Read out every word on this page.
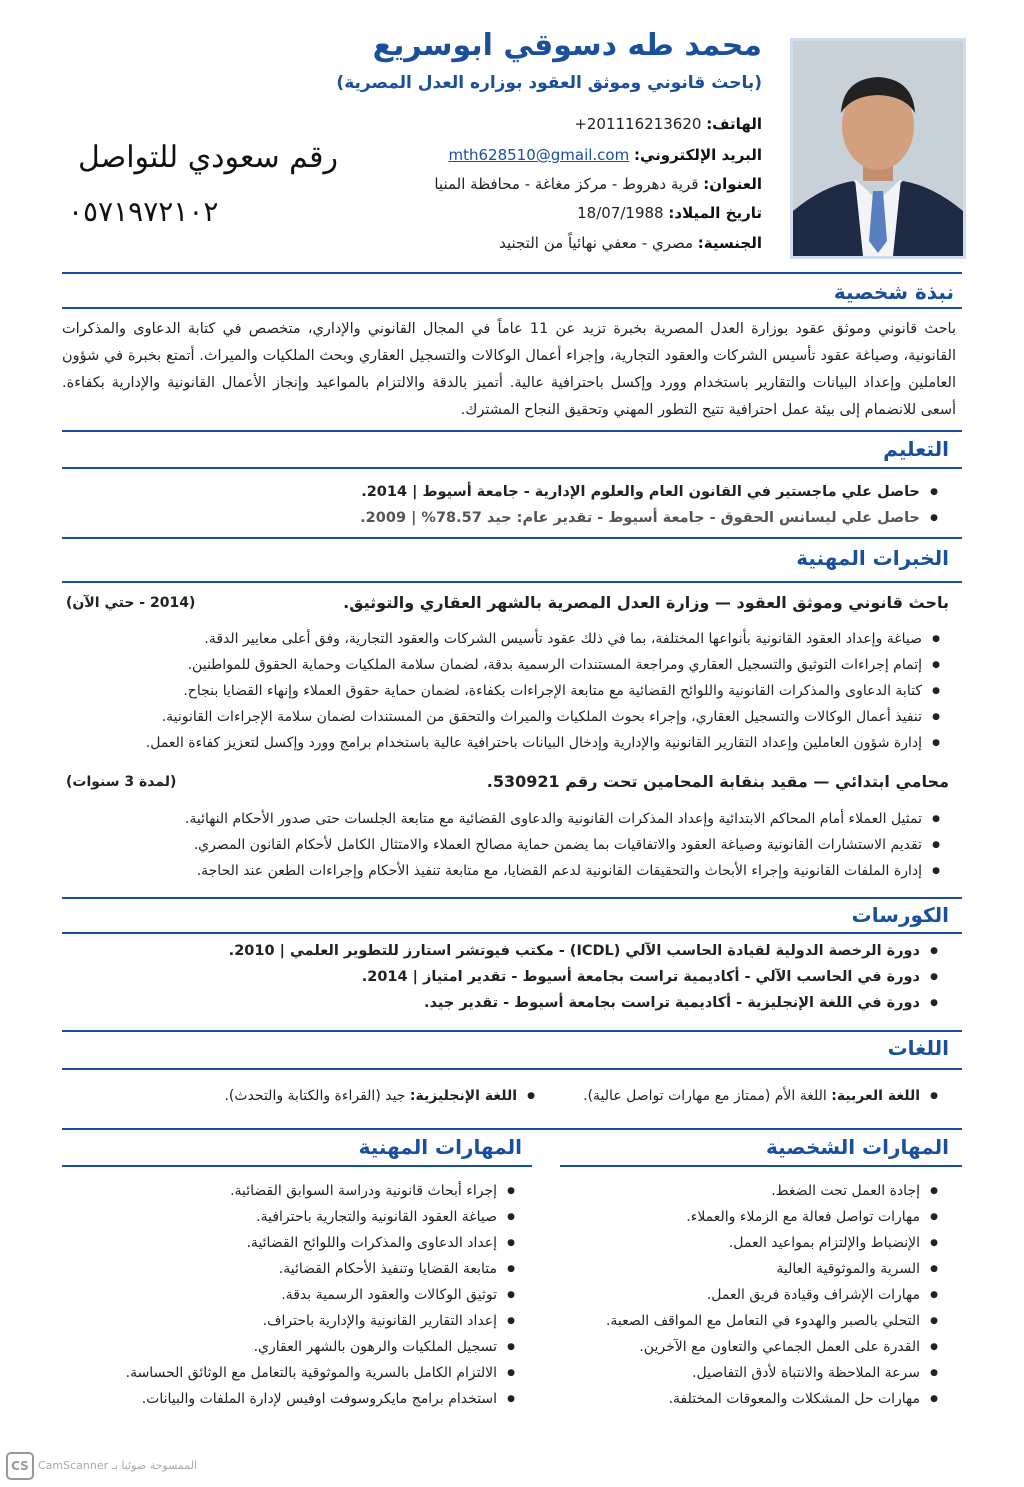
محمد طه دسوقي ابوسريع
(باحث قانوني وموثق العقود بوزاره العدل المصرية)
الهاتف: +201116213620
البريد الإلكتروني: mth628510@gmail.com
العنوان: قرية دهروط - مركز مغاغة - محافظة المنيا
تاريخ الميلاد: 18/07/1988
الجنسية: مصري - معفي نهائياً من التجنيد
رقم سعودي للتواصل
٠٥٧١٩٧٢١٠٢
نبذة شخصية
باحث قانوني وموثق عقود بوزارة العدل المصرية بخبرة تزيد عن 11 عاماً في المجال القانوني والإداري، متخصص في كتابة الدعاوى والمذكرات القانونية، وصياغة عقود تأسيس الشركات والعقود التجارية، وإجراء أعمال الوكالات والتسجيل العقاري وبحث الملكيات والميراث. أتمتع بخبرة في شؤون العاملين وإعداد البيانات والتقارير باستخدام وورد وإكسل باحترافية عالية. أتميز بالدقة والالتزام بالمواعيد وإنجاز الأعمال القانونية والإدارية بكفاءة. أسعى للانضمام إلى بيئة عمل احترافية تتيح التطور المهني وتحقيق النجاح المشترك.
التعليم
● حاصل علي ماجستير في القانون العام والعلوم الإدارية - جامعة أسيوط | 2014.
● حاصل علي ليسانس الحقوق - جامعة أسيوط - تقدير عام: جيد 78.57% | 2009.
الخبرات المهنية
باحث قانوني وموثق العقود — وزارة العدل المصرية بالشهر العقاري والتوثيق.
(2014 - حتي الآن)
● صياغة وإعداد العقود القانونية بأنواعها المختلفة، بما في ذلك عقود تأسيس الشركات والعقود التجارية، وفق أعلى معايير الدقة.
● إتمام إجراءات التوثيق والتسجيل العقاري ومراجعة المستندات الرسمية بدقة، لضمان سلامة الملكيات وحماية الحقوق للمواطنين.
● كتابة الدعاوى والمذكرات القانونية واللوائح القضائية مع متابعة الإجراءات بكفاءة، لضمان حماية حقوق العملاء وإنهاء القضايا بنجاح.
● تنفيذ أعمال الوكالات والتسجيل العقاري، وإجراء بحوث الملكيات والميراث والتحقق من المستندات لضمان سلامة الإجراءات القانونية.
● إدارة شؤون العاملين وإعداد التقارير القانونية والإدارية وإدخال البيانات باحترافية عالية باستخدام برامج وورد وإكسل لتعزيز كفاءة العمل.
محامي ابتدائي — مقيد بنقابة المحامين تحت رقم 530921.
(لمدة 3 سنوات)
● تمثيل العملاء أمام المحاكم الابتدائية وإعداد المذكرات القانونية والدعاوى القضائية مع متابعة الجلسات حتى صدور الأحكام النهائية.
● تقديم الاستشارات القانونية وصياغة العقود والاتفاقيات بما يضمن حماية مصالح العملاء والامتثال الكامل لأحكام القانون المصري.
● إدارة الملفات القانونية وإجراء الأبحاث والتحقيقات القانونية لدعم القضايا، مع متابعة تنفيذ الأحكام وإجراءات الطعن عند الحاجة.
الكورسات
● دورة الرخصة الدولية لقيادة الحاسب الآلي (ICDL) - مكتب فيوتشر استارز للتطوير العلمي | 2010.
● دورة في الحاسب الآلي - أكاديمية تراست بجامعة أسيوط - تقدير امتياز | 2014.
● دورة في اللغة الإنجليزية - أكاديمية تراست بجامعة أسيوط - تقدير جيد.
اللغات
● اللغة العربية: اللغة الأم (ممتاز مع مهارات تواصل عالية).
● اللغة الإنجليزية: جيد (القراءة والكتابة والتحدث).
المهارات الشخصية
المهارات المهنية
● إجادة العمل تحت الضغط.
● مهارات تواصل فعالة مع الزملاء والعملاء.
● الإنضباط والإلتزام بمواعيد العمل.
● السرية والموثوقية العالية
● مهارات الإشراف وقيادة فريق العمل.
● التحلي بالصبر والهدوء في التعامل مع المواقف الصعبة.
● القدرة على العمل الجماعي والتعاون مع الآخرين.
● سرعة الملاحظة والانتباة لأدق التفاصيل.
● مهارات حل المشكلات والمعوقات المختلفة.
● إجراء أبحاث قانونية ودراسة السوابق القضائية.
● صياغة العقود القانونية والتجارية باحترافية.
● إعداد الدعاوى والمذكرات واللوائح القضائية.
● متابعة القضايا وتنفيذ الأحكام القضائية.
● توثيق الوكالات والعقود الرسمية بدقة.
● إعداد التقارير القانونية والإدارية باحتراف.
● تسجيل الملكيات والرهون بالشهر العقاري.
● الالتزام الكامل بالسرية والموثوقية بالتعامل مع الوثائق الحساسة.
● استخدام برامج مايكروسوفت اوفيس لإدارة الملفات والبيانات.
CS الممسوحة ضوئيا بـ CamScanner
